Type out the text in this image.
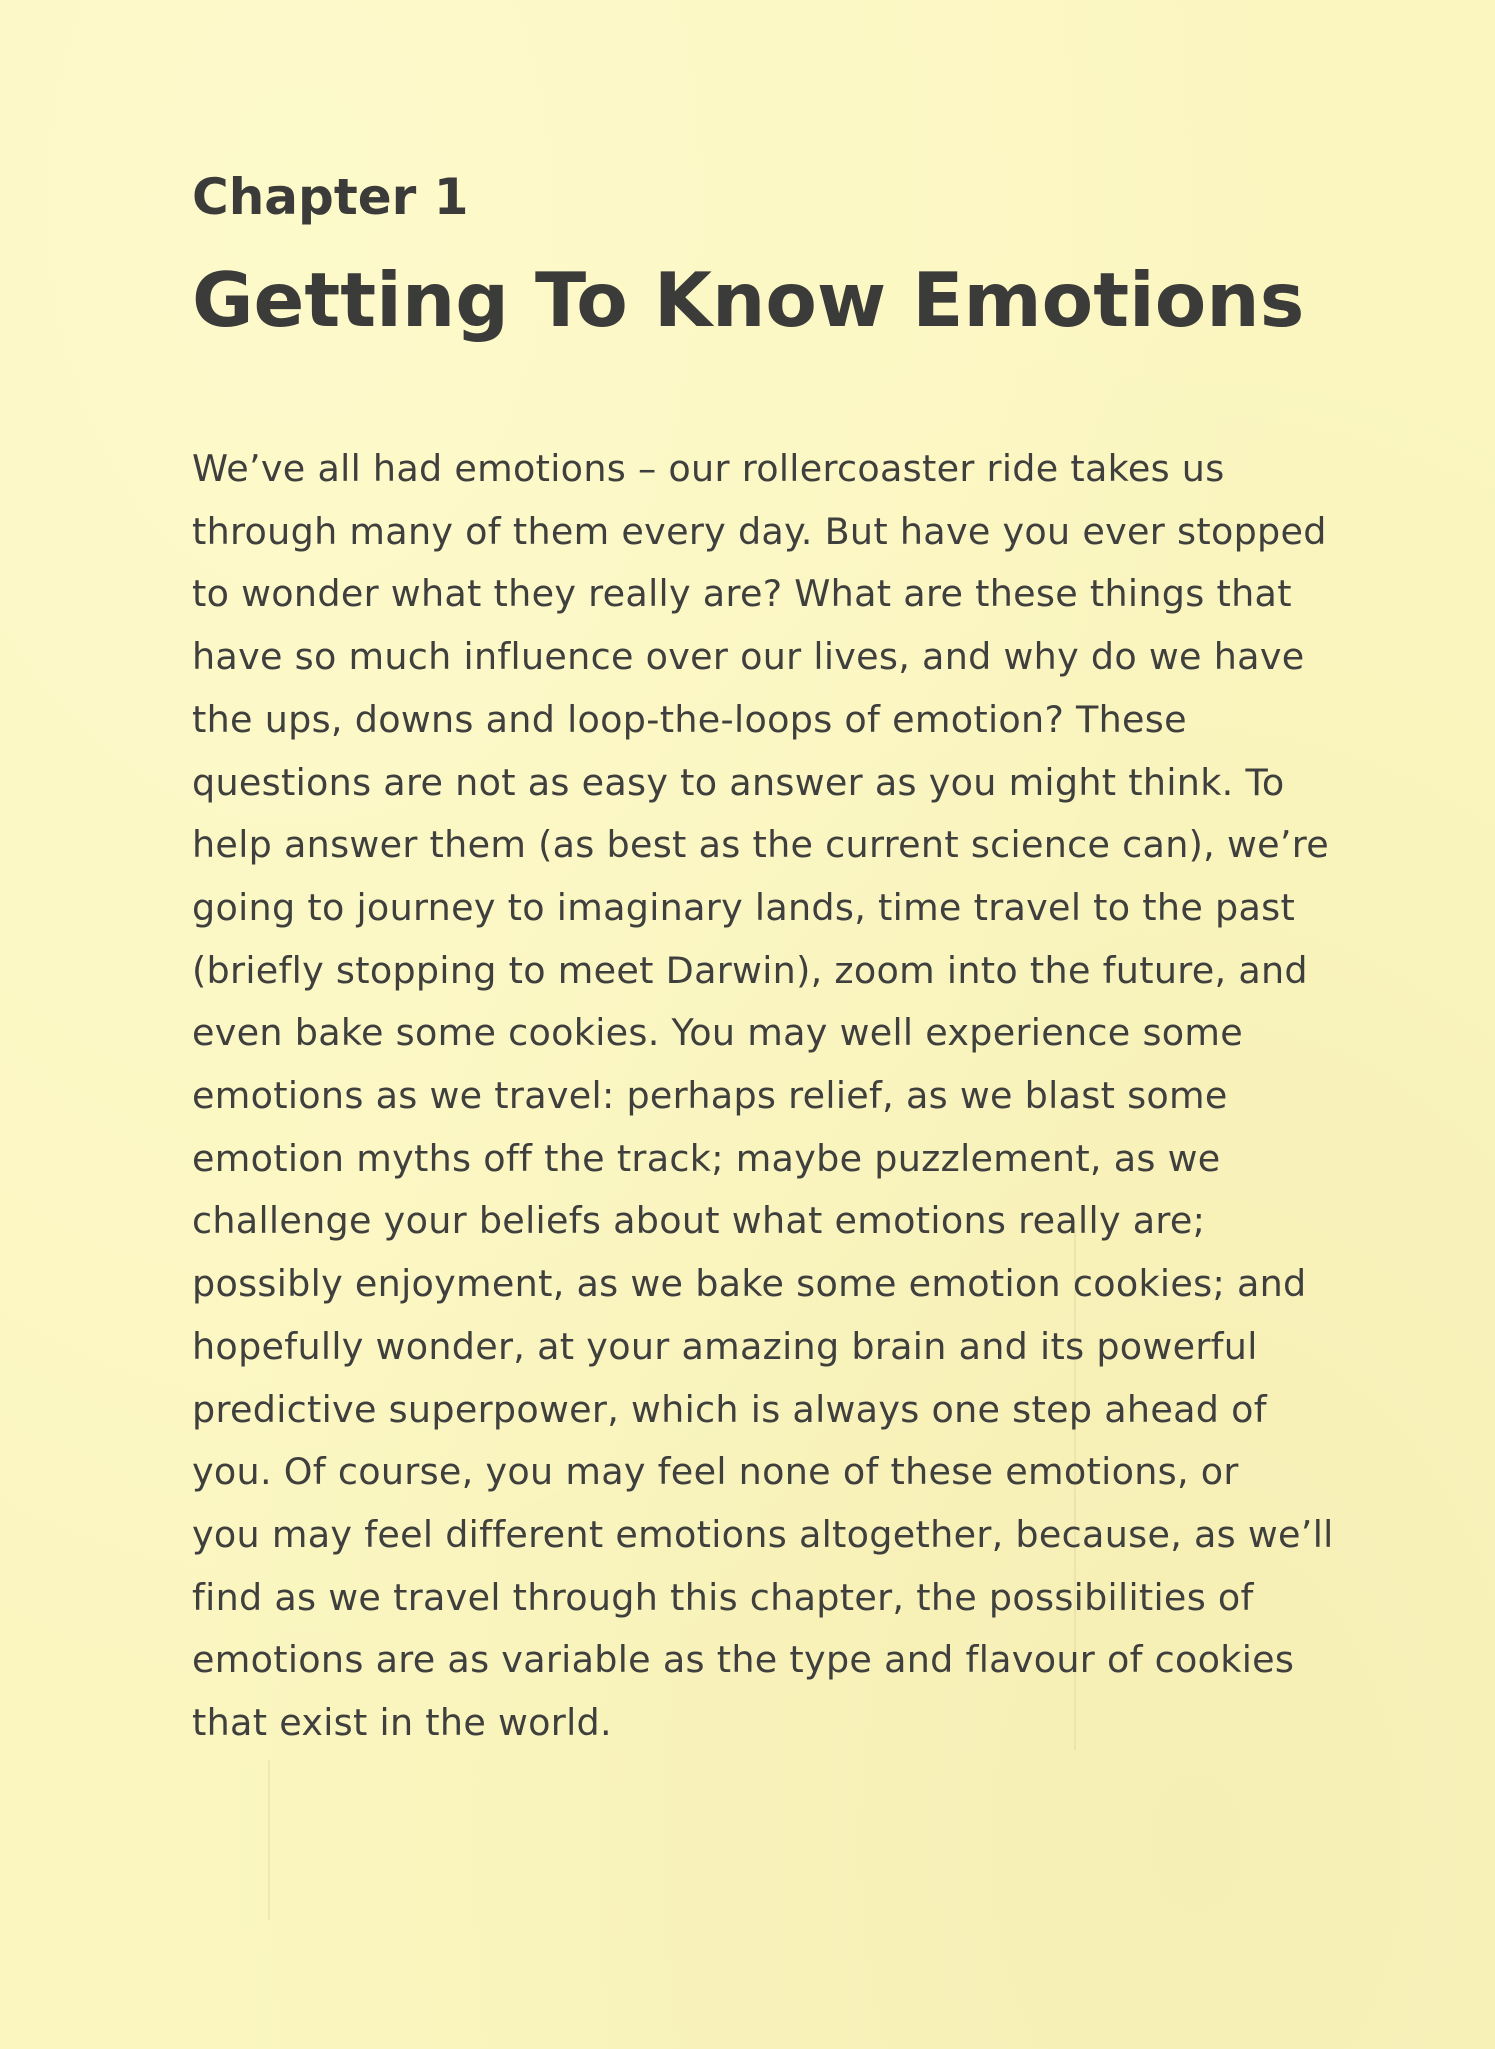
Chapter 1
Getting To Know Emotions
We’ve all had emotions – our rollercoaster ride takes us
through many of them every day. But have you ever stopped
to wonder what they really are? What are these things that
have so much influence over our lives, and why do we have
the ups, downs and loop-the-loops of emotion? These
questions are not as easy to answer as you might think. To
help answer them (as best as the current science can), we’re
going to journey to imaginary lands, time travel to the past
(briefly stopping to meet Darwin), zoom into the future, and
even bake some cookies. You may well experience some
emotions as we travel: perhaps relief, as we blast some
emotion myths off the track; maybe puzzlement, as we
challenge your beliefs about what emotions really are;
possibly enjoyment, as we bake some emotion cookies; and
hopefully wonder, at your amazing brain and its powerful
predictive superpower, which is always one step ahead of
you. Of course, you may feel none of these emotions, or
you may feel different emotions altogether, because, as we’ll
find as we travel through this chapter, the possibilities of
emotions are as variable as the type and flavour of cookies
that exist in the world.
